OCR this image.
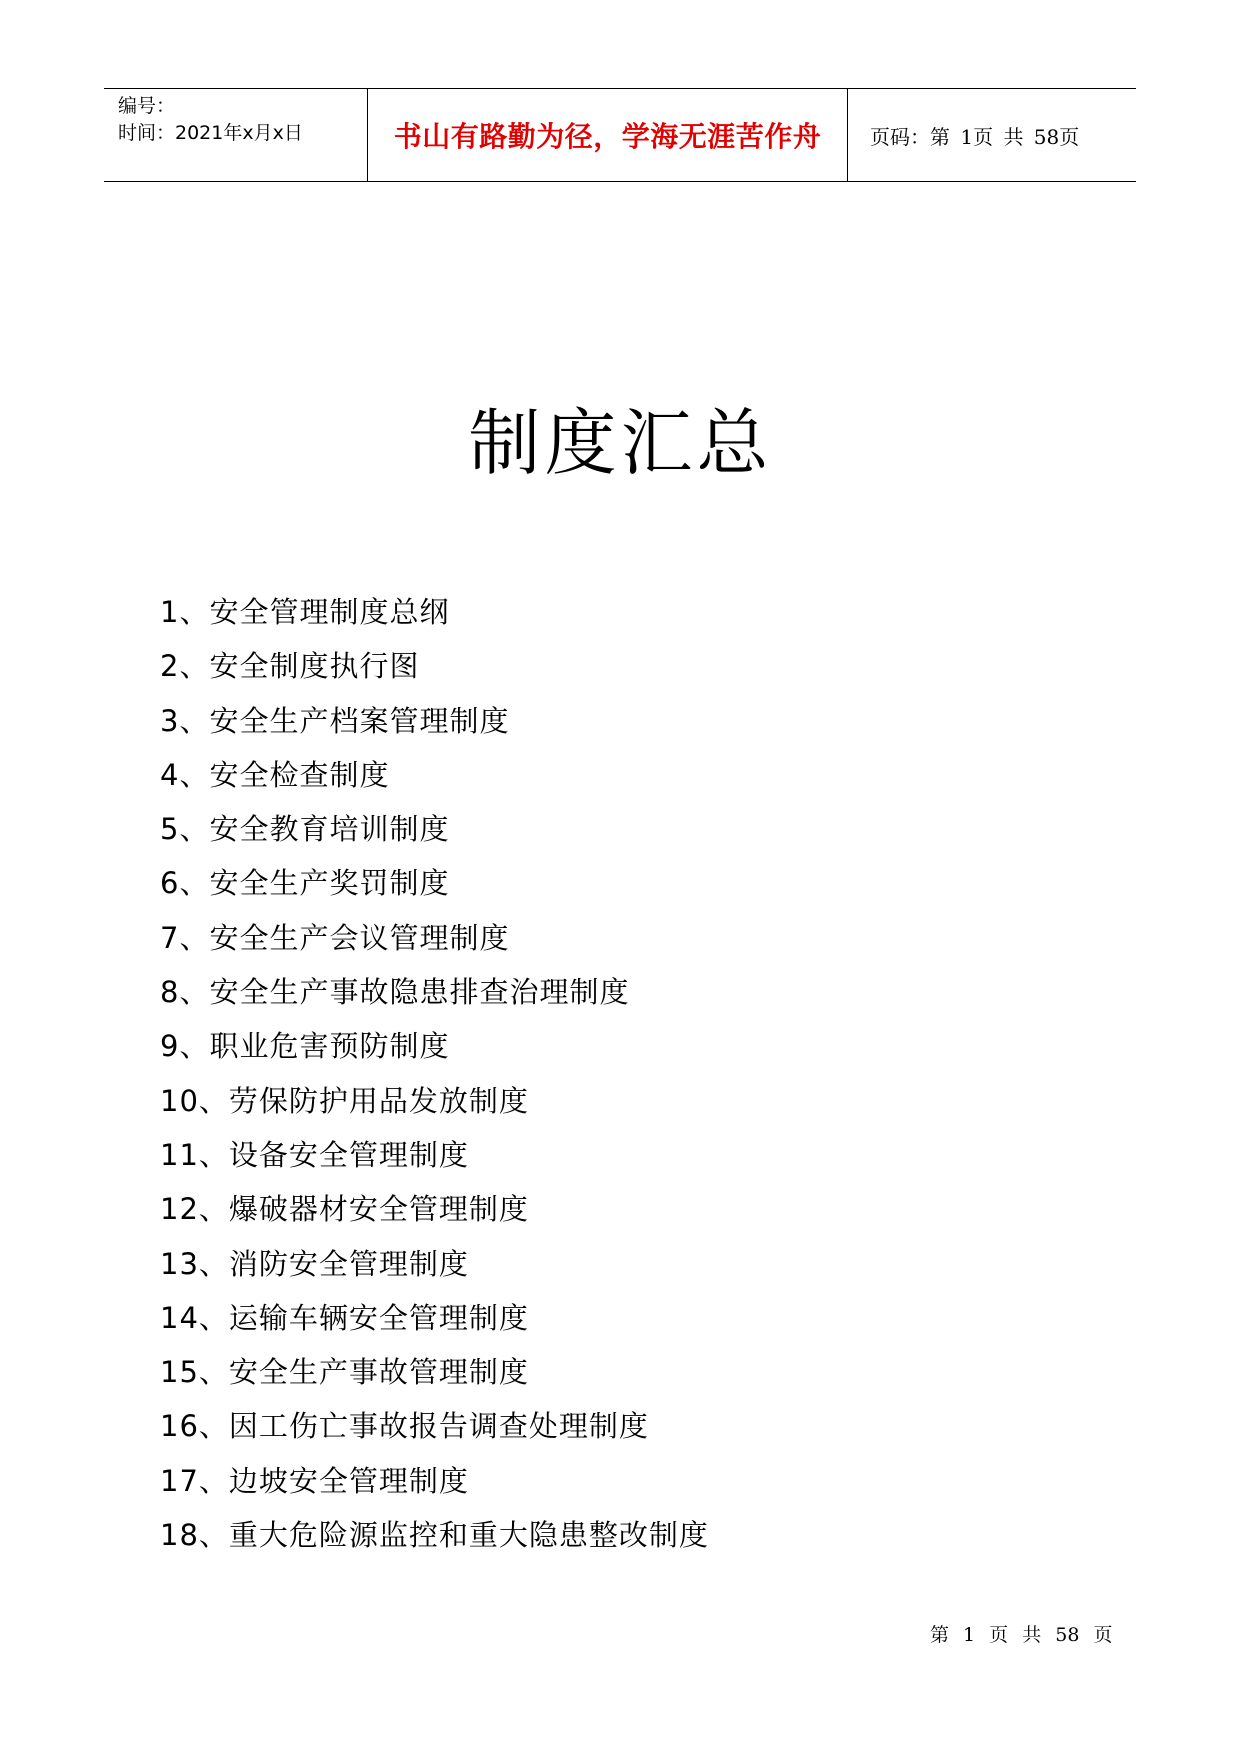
编号：
时间：2021年x月x日	书山有路勤为径，学海无涯苦作舟	页码：第 1页 共 58页
制度汇总
1、安全管理制度总纲
2、安全制度执行图
3、安全生产档案管理制度
4、安全检查制度
5、安全教育培训制度
6、安全生产奖罚制度
7、安全生产会议管理制度
8、安全生产事故隐患排查治理制度
9、职业危害预防制度
10、劳保防护用品发放制度
11、设备安全管理制度
12、爆破器材安全管理制度
13、消防安全管理制度
14、运输车辆安全管理制度
15、安全生产事故管理制度
16、因工伤亡事故报告调查处理制度
17、边坡安全管理制度
18、重大危险源监控和重大隐患整改制度
第 1 页 共 58 页
